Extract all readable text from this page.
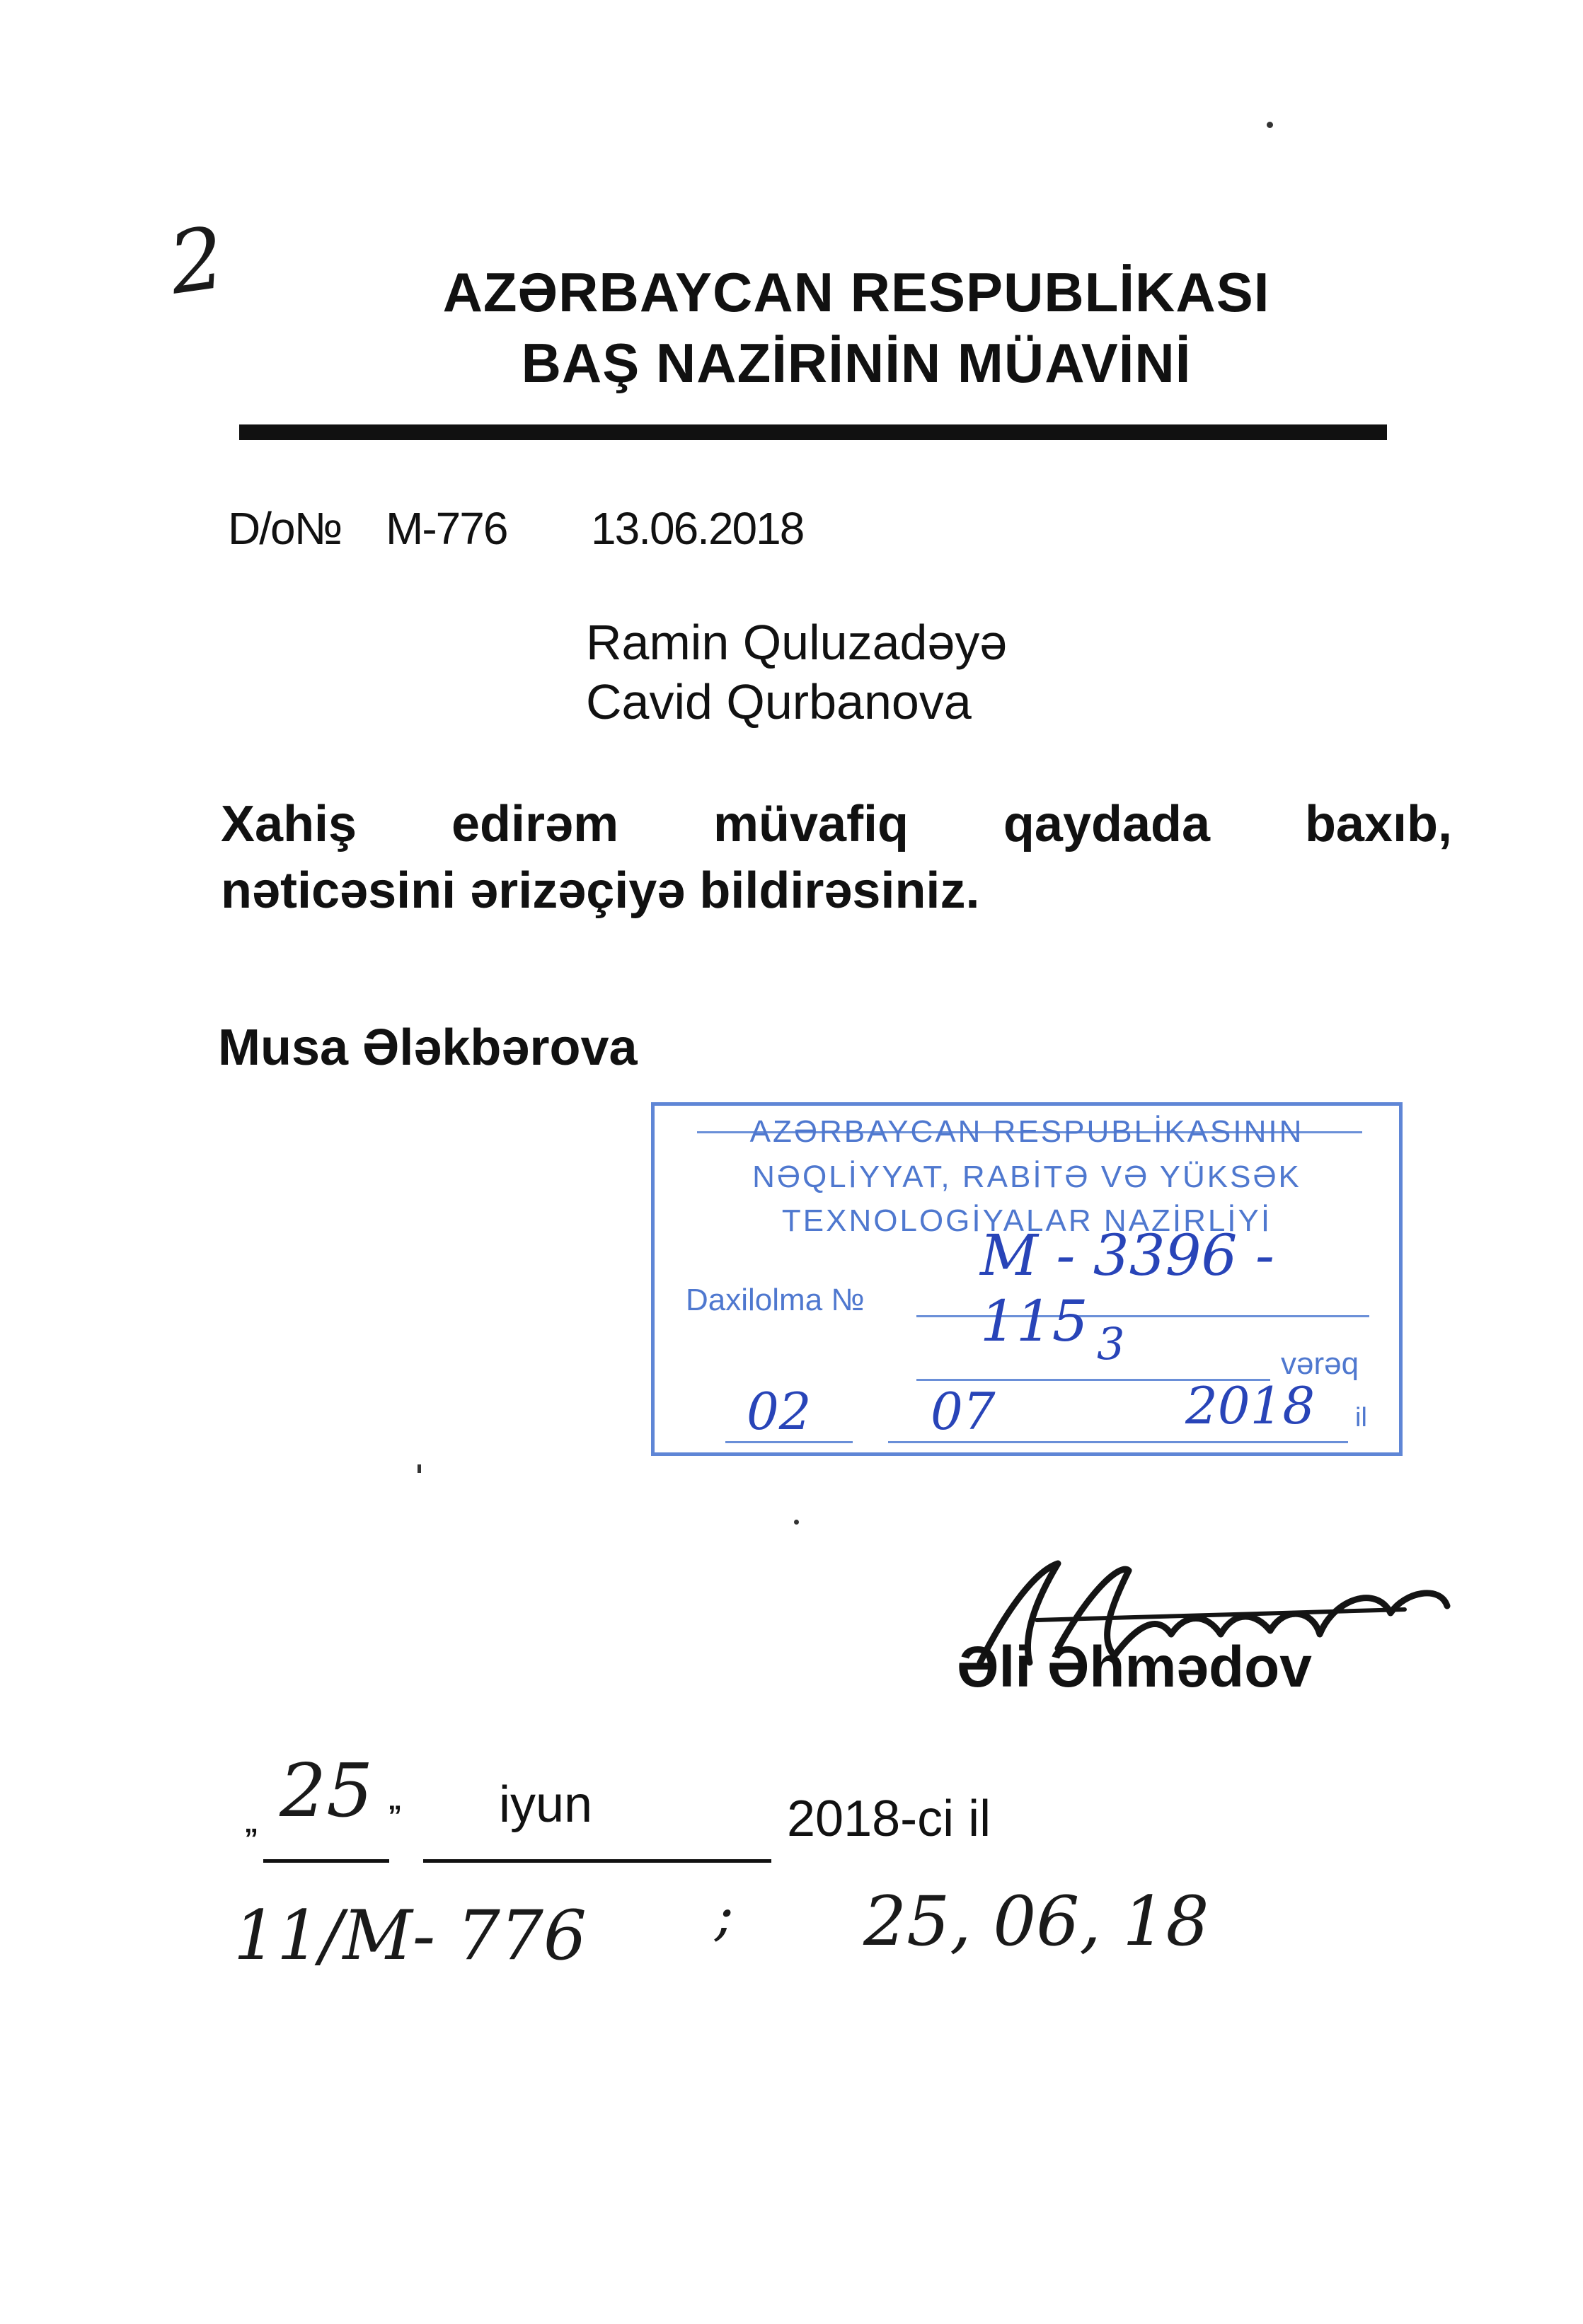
2	AZƏRBAYCAN RESPUBLİKASI
BAŞ NAZİRİNİN MÜAVİNİ
D/o№ M-776 13.06.2018
Ramin Quluzadəyə
Cavid Qurbanova
Xahiş edirəm müvafiq qaydada baxıb,
nəticəsini ərizəçiyə bildirəsiniz.
Musa Ələkbərova
AZƏRBAYCAN RESPUBLİKASININ
NƏQLİYYAT, RABİTƏ VƏ YÜKSƏK
TEXNOLOGİYALAR NAZİRLİYİ
Daxilolma №
M - 3396 - 115 3	vərəq
02 07	2018 il
Əli Əhmədov
„ 25 ” iyun	2018-ci il
11/M- 776 ; 25, 06, 18
